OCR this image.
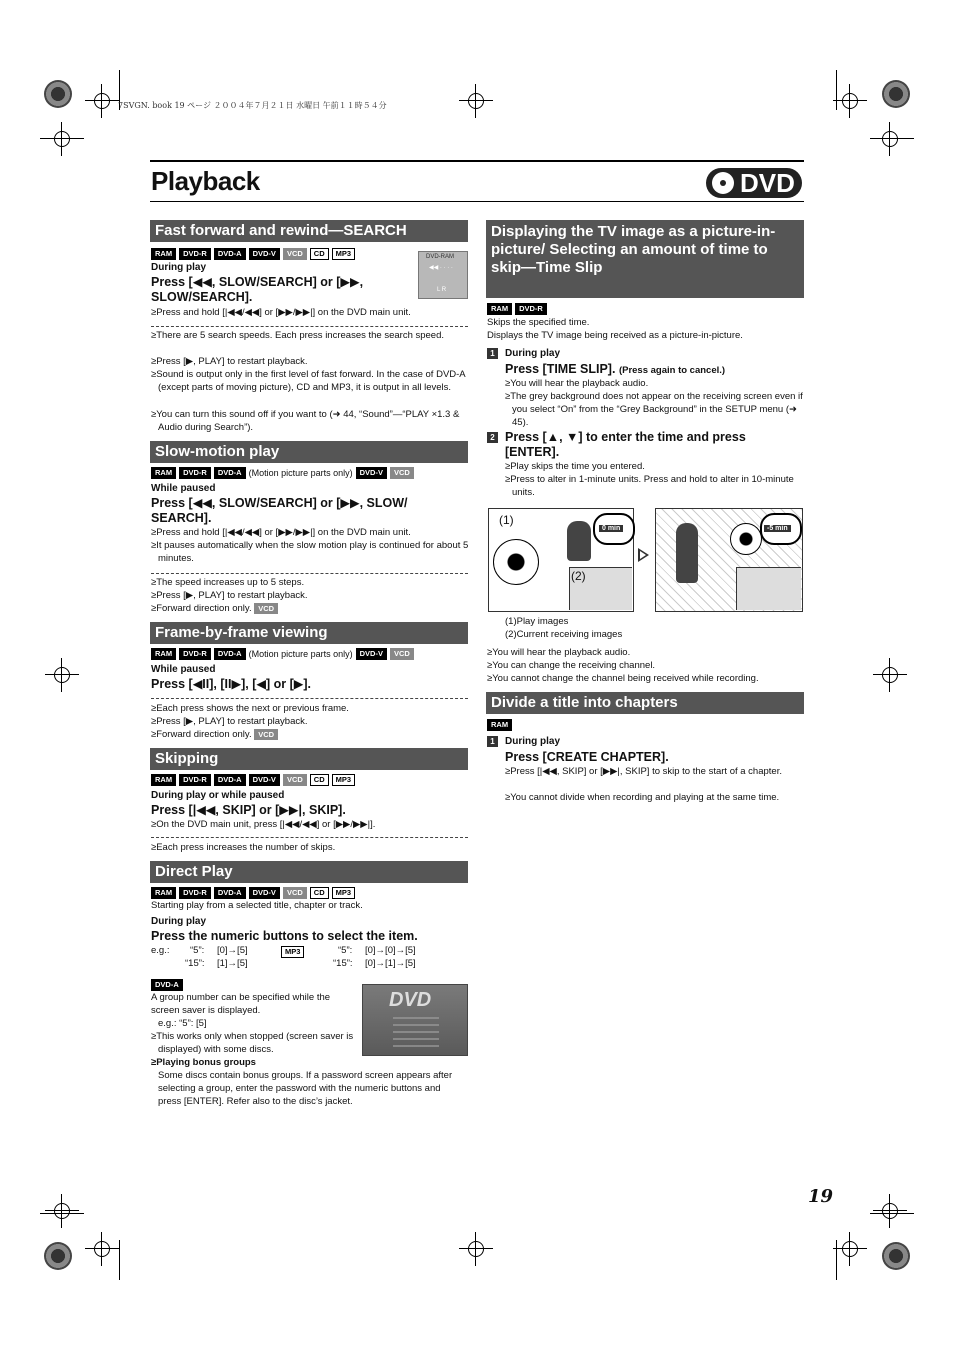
7SVGN. book 19 ページ ２００４年７月２１日 水曜日 午前１１時５４分
Playback	DVD
Fast forward and rewind—SEARCH
RAM	DVD-R	DVD-A	DVD-V	VCD	CD	MP3	DVD-RAM
◀◀ · · · ·
L R
During play
Press [◀◀, SLOW/SEARCH] or [▶▶, SLOW/SEARCH].
≥Press and hold [|◀◀/◀◀] or [▶▶/▶▶|] on the DVD main unit.
≥There are 5 search speeds. Each press increases the search speed.
≥Press [▶, PLAY] to restart playback.
≥Sound is output only in the first level of fast forward. In the case of DVD-A (except parts of moving picture), CD and MP3, it is output in all levels.
≥You can turn this sound off if you want to (➜ 44, “Sound”—“PLAY ×1.3 & Audio during Search”).
Slow-motion play
RAM	DVD-R	DVD-A (Motion picture parts only) DVD-V	VCD
While paused
Press [◀◀, SLOW/SEARCH] or [▶▶, SLOW/ SEARCH].
≥Press and hold [|◀◀/◀◀] or [▶▶/▶▶|] on the DVD main unit.
≥It pauses automatically when the slow motion play is continued for about 5 minutes.
≥The speed increases up to 5 steps.
≥Press [▶, PLAY] to restart playback.
≥Forward direction only. VCD
Frame-by-frame viewing
RAM	DVD-R	DVD-A (Motion picture parts only) DVD-V	VCD
While paused
Press [◀II], [II▶], [◀] or [▶].
≥Each press shows the next or previous frame.
≥Press [▶, PLAY] to restart playback.
≥Forward direction only. VCD
Skipping
RAM	DVD-R	DVD-A	DVD-V	VCD	CD	MP3
During play or while paused
Press [|◀◀, SKIP] or [▶▶|, SKIP].
≥On the DVD main unit, press [|◀◀/◀◀] or [▶▶/▶▶|].
≥Each press increases the number of skips.
Direct Play
RAM	DVD-R	DVD-A	DVD-V	VCD	CD	MP3
Starting play from a selected title, chapter or track.
During play
Press the numeric buttons to select the item.
e.g.: “5”: [0]→[5]
“15”: [1]→[5]
MP3	“5”: [0]→[0]→[5]
“15”: [0]→[1]→[5]
DVD-A
A group number can be specified while the screen saver is displayed.
e.g.: “5”: [5]
≥This works only when stopped (screen saver is displayed) with some discs.
≥Playing bonus groups
Some discs contain bonus groups. If a password screen appears after selecting a group, enter the password with the numeric buttons and press [ENTER]. Refer also to the disc’s jacket.
DVD
Displaying the TV image as a picture-in-picture/ Selecting an amount of time to skip—Time Slip
RAM	DVD-R
Skips the specified time.
Displays the TV image being received as a picture-in-picture.
1	During play
Press [TIME SLIP]. (Press again to cancel.)
≥You will hear the playback audio.
≥The grey background does not appear on the receiving screen even if you select “On” from the “Grey Background” in the SETUP menu (➜ 45).
2 Press [▲, ▼] to enter the time and press [ENTER].
≥Play skips the time you entered.
≥Press to alter in 1-minute units. Press and hold to alter in 10-minute units.
(1)
0 min
(2)
-5 min
(1)Play images
(2)Current receiving images
≥You will hear the playback audio.
≥You can change the receiving channel.
≥You cannot change the channel being received while recording.
Divide a title into chapters
RAM
1	During play
Press [CREATE CHAPTER].
≥Press [|◀◀, SKIP] or [▶▶|, SKIP] to skip to the start of a chapter.
≥You cannot divide when recording and playing at the same time.
19
